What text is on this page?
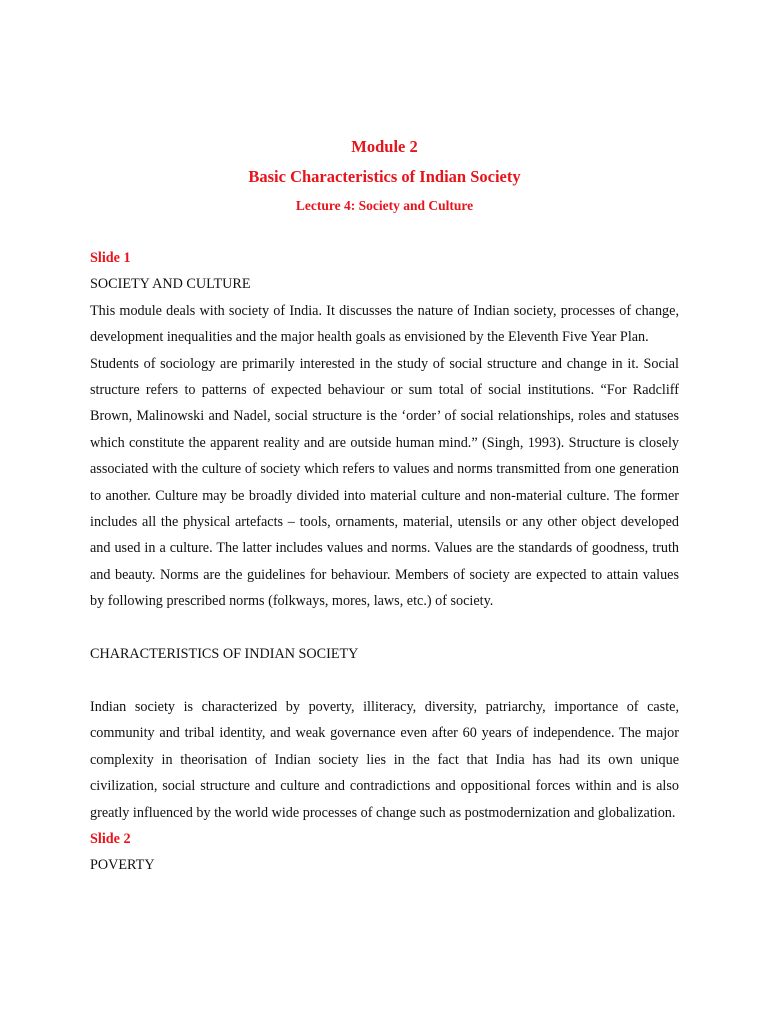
Module 2

Basic Characteristics of Indian Society

Lecture 4: Society and Culture

Slide 1

SOCIETY AND CULTURE

This module deals with society of India. It discusses the nature of Indian society, processes of change, development inequalities and the major health goals as envisioned by the Eleventh Five Year Plan.

Students of sociology are primarily interested in the study of social structure and change in it. Social structure refers to patterns of expected behaviour or sum total of social institutions. “For Radcliff Brown, Malinowski and Nadel, social structure is the ‘order’ of social relationships, roles and statuses which constitute the apparent reality and are outside human mind.” (Singh, 1993). Structure is closely associated with the culture of society which refers to values and norms transmitted from one generation to another. Culture may be broadly divided into material culture and non-material culture. The former includes all the physical artefacts – tools, ornaments, material, utensils or any other object developed and used in a culture. The latter includes values and norms. Values are the standards of goodness, truth and beauty. Norms are the guidelines for behaviour. Members of society are expected to attain values by following prescribed norms (folkways, mores, laws, etc.) of society.

CHARACTERISTICS OF INDIAN SOCIETY

Indian society is characterized by poverty, illiteracy, diversity, patriarchy, importance of caste, community and tribal identity, and weak governance even after 60 years of independence. The major complexity in theorisation of Indian society lies in the fact that India has had its own unique civilization, social structure and culture and contradictions and oppositional forces within and is also greatly influenced by the world wide processes of change such as postmodernization and globalization.

Slide 2

POVERTY
